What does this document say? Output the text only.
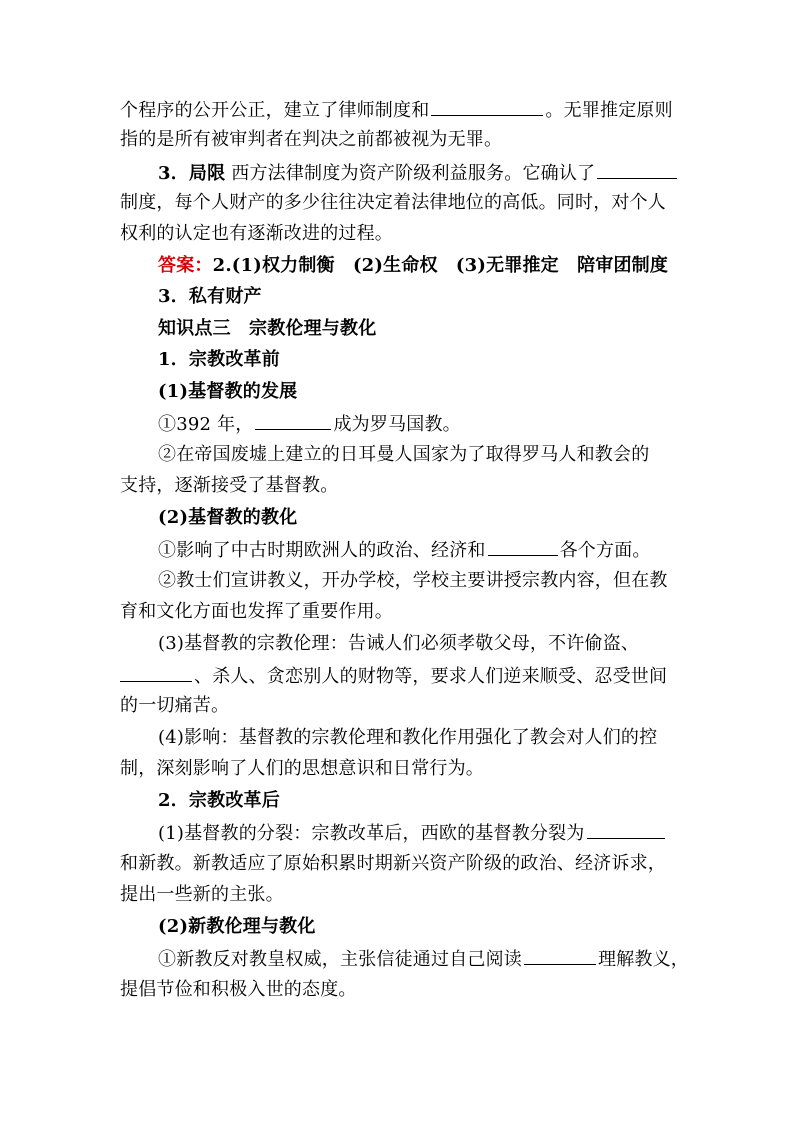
个程序的公开公正，建立了律师制度和	。无罪推定原则
指的是所有被审判者在判决之前都被视为无罪。
3．局限 西方法律制度为资产阶级利益服务。它确认了
制度，每个人财产的多少往往决定着法律地位的高低。同时，对个人
权利的认定也有逐渐改进的过程。
答案：2.(1)权力制衡　(2)生命权　(3)无罪推定　陪审团制度
3．私有财产
知识点三　宗教伦理与教化
1．宗教改革前
(1)基督教的发展
①392 年，	成为罗马国教。
②在帝国废墟上建立的日耳曼人国家为了取得罗马人和教会的
支持，逐渐接受了基督教。
(2)基督教的教化
①影响了中古时期欧洲人的政治、经济和	各个方面。
②教士们宣讲教义，开办学校，学校主要讲授宗教内容，但在教
育和文化方面也发挥了重要作用。
(3)基督教的宗教伦理：告诫人们必须孝敬父母，不许偷盗、
、杀人、贪恋别人的财物等，要求人们逆来顺受、忍受世间
的一切痛苦。
(4)影响：基督教的宗教伦理和教化作用强化了教会对人们的控
制，深刻影响了人们的思想意识和日常行为。
2．宗教改革后
(1)基督教的分裂：宗教改革后，西欧的基督教分裂为
和新教。新教适应了原始积累时期新兴资产阶级的政治、经济诉求，
提出一些新的主张。
(2)新教伦理与教化
①新教反对教皇权威，主张信徒通过自己阅读	理解教义，
提倡节俭和积极入世的态度。
